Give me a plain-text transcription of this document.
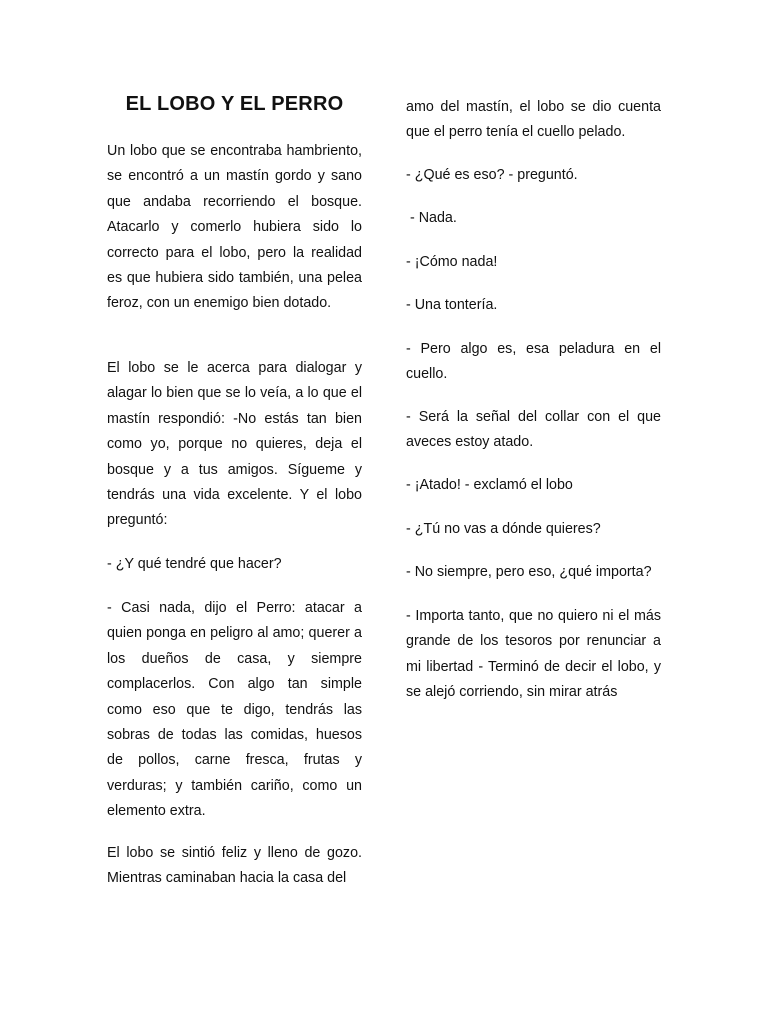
EL LOBO Y EL PERRO

Un lobo que se encontraba hambriento, se encontró a un mastín gordo y sano que andaba recorriendo el bosque. Atacarlo y comerlo hubiera sido lo correcto para el lobo, pero la realidad es que hubiera sido también, una pelea feroz, con un enemigo bien dotado.

El lobo se le acerca para dialogar y alagar lo bien que se lo veía, a lo que el mastín respondió: -No estás tan bien como yo, porque no quieres, deja el bosque y a tus amigos. Sígueme y tendrás una vida excelente. Y el lobo preguntó:

- ¿Y qué tendré que hacer?

- Casi nada, dijo el Perro: atacar a quien ponga en peligro al amo; querer a los dueños de casa, y siempre complacerlos. Con algo tan simple como eso que te digo, tendrás las sobras de todas las comidas, huesos de pollos, carne fresca, frutas y verduras; y también cariño, como un elemento extra.

El lobo se sintió feliz y lleno de gozo. Mientras caminaban hacia la casa del

amo del mastín, el lobo se dio cuenta que el perro tenía el cuello pelado.

- ¿Qué es eso? - preguntó.

- Nada.

- ¡Cómo nada!

- Una tontería.

- Pero algo es, esa peladura en el cuello.

- Será la señal del collar con el que aveces estoy atado.

- ¡Atado! - exclamó el lobo

- ¿Tú no vas a dónde quieres?

- No siempre, pero eso, ¿qué importa?

- Importa tanto, que no quiero ni el más grande de los tesoros por renunciar a mi libertad - Terminó de decir el lobo, y se alejó corriendo, sin mirar atrás
